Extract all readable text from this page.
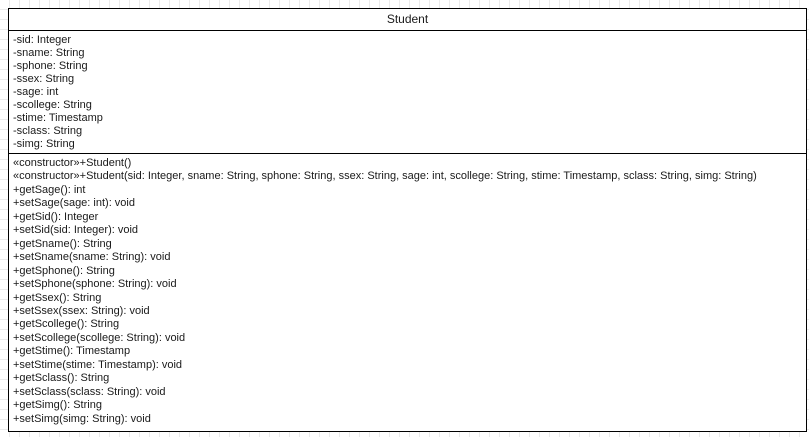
Student
-sid: Integer
-sname: String
-sphone: String
-ssex: String
-sage: int
-scollege: String
-stime: Timestamp
-sclass: String
-simg: String
«constructor»+Student()
«constructor»+Student(sid: Integer, sname: String, sphone: String, ssex: String, sage: int, scollege: String, stime: Timestamp, sclass: String, simg: String)
+getSage(): int
+setSage(sage: int): void
+getSid(): Integer
+setSid(sid: Integer): void
+getSname(): String
+setSname(sname: String): void
+getSphone(): String
+setSphone(sphone: String): void
+getSsex(): String
+setSsex(ssex: String): void
+getScollege(): String
+setScollege(scollege: String): void
+getStime(): Timestamp
+setStime(stime: Timestamp): void
+getSclass(): String
+setSclass(sclass: String): void
+getSimg(): String
+setSimg(simg: String): void
